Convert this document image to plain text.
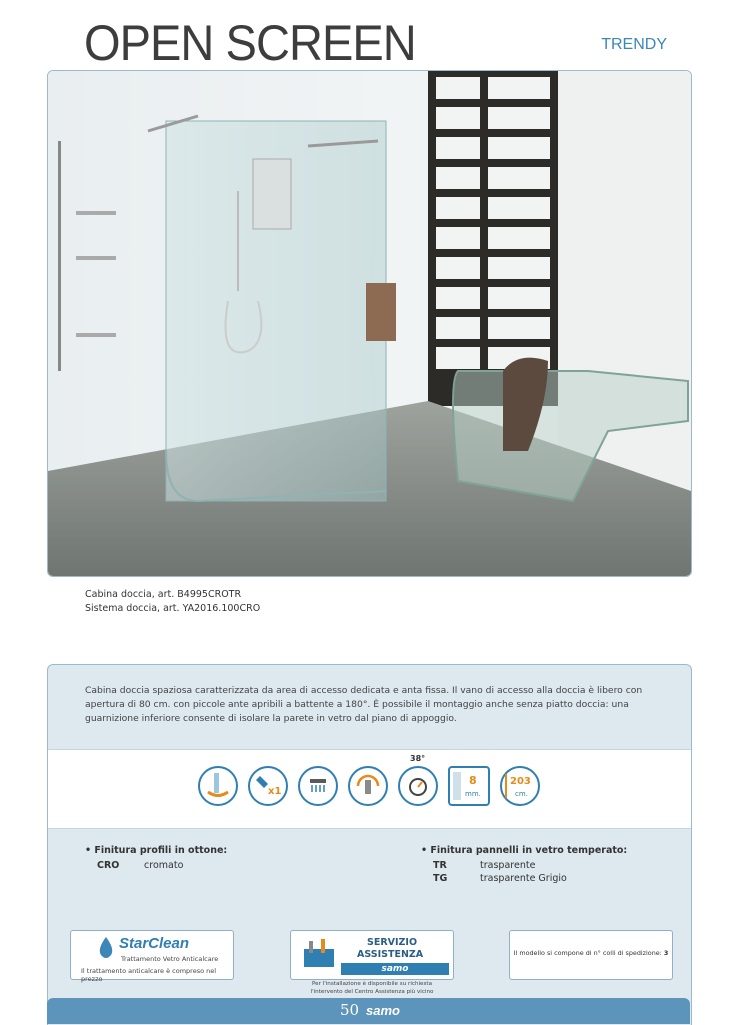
OPEN SCREEN	TRENDY
Cabina doccia, art. B4995CROTR
Sistema doccia, art. YA2016.100CRO
Cabina doccia spaziosa caratterizzata da area di accesso dedicata e anta fissa. Il vano di accesso alla doccia è libero con apertura di 80 cm. con piccole ante apribili a battente a 180°. È possibile il montaggio anche senza piatto doccia: una guarnizione inferiore consente di isolare la parete in vetro dal piano di appoggio.
x1
38°
8
mm.
203
cm.
• Finitura profili in ottone:
CRO	cromato
• Finitura pannelli in vetro temperato:
TR	trasparente
TG	trasparente Grigio
StarClean
Trattamento Vetro Anticalcare
Il trattamento anticalcare è compreso nel prezzo
SERVIZIO
ASSISTENZA
samo
Per l'installazione è disponibile su richiesta
l'intervento del Centro Assistenza più vicino
Il modello si compone di n° colli di spedizione: 3
50 samo
